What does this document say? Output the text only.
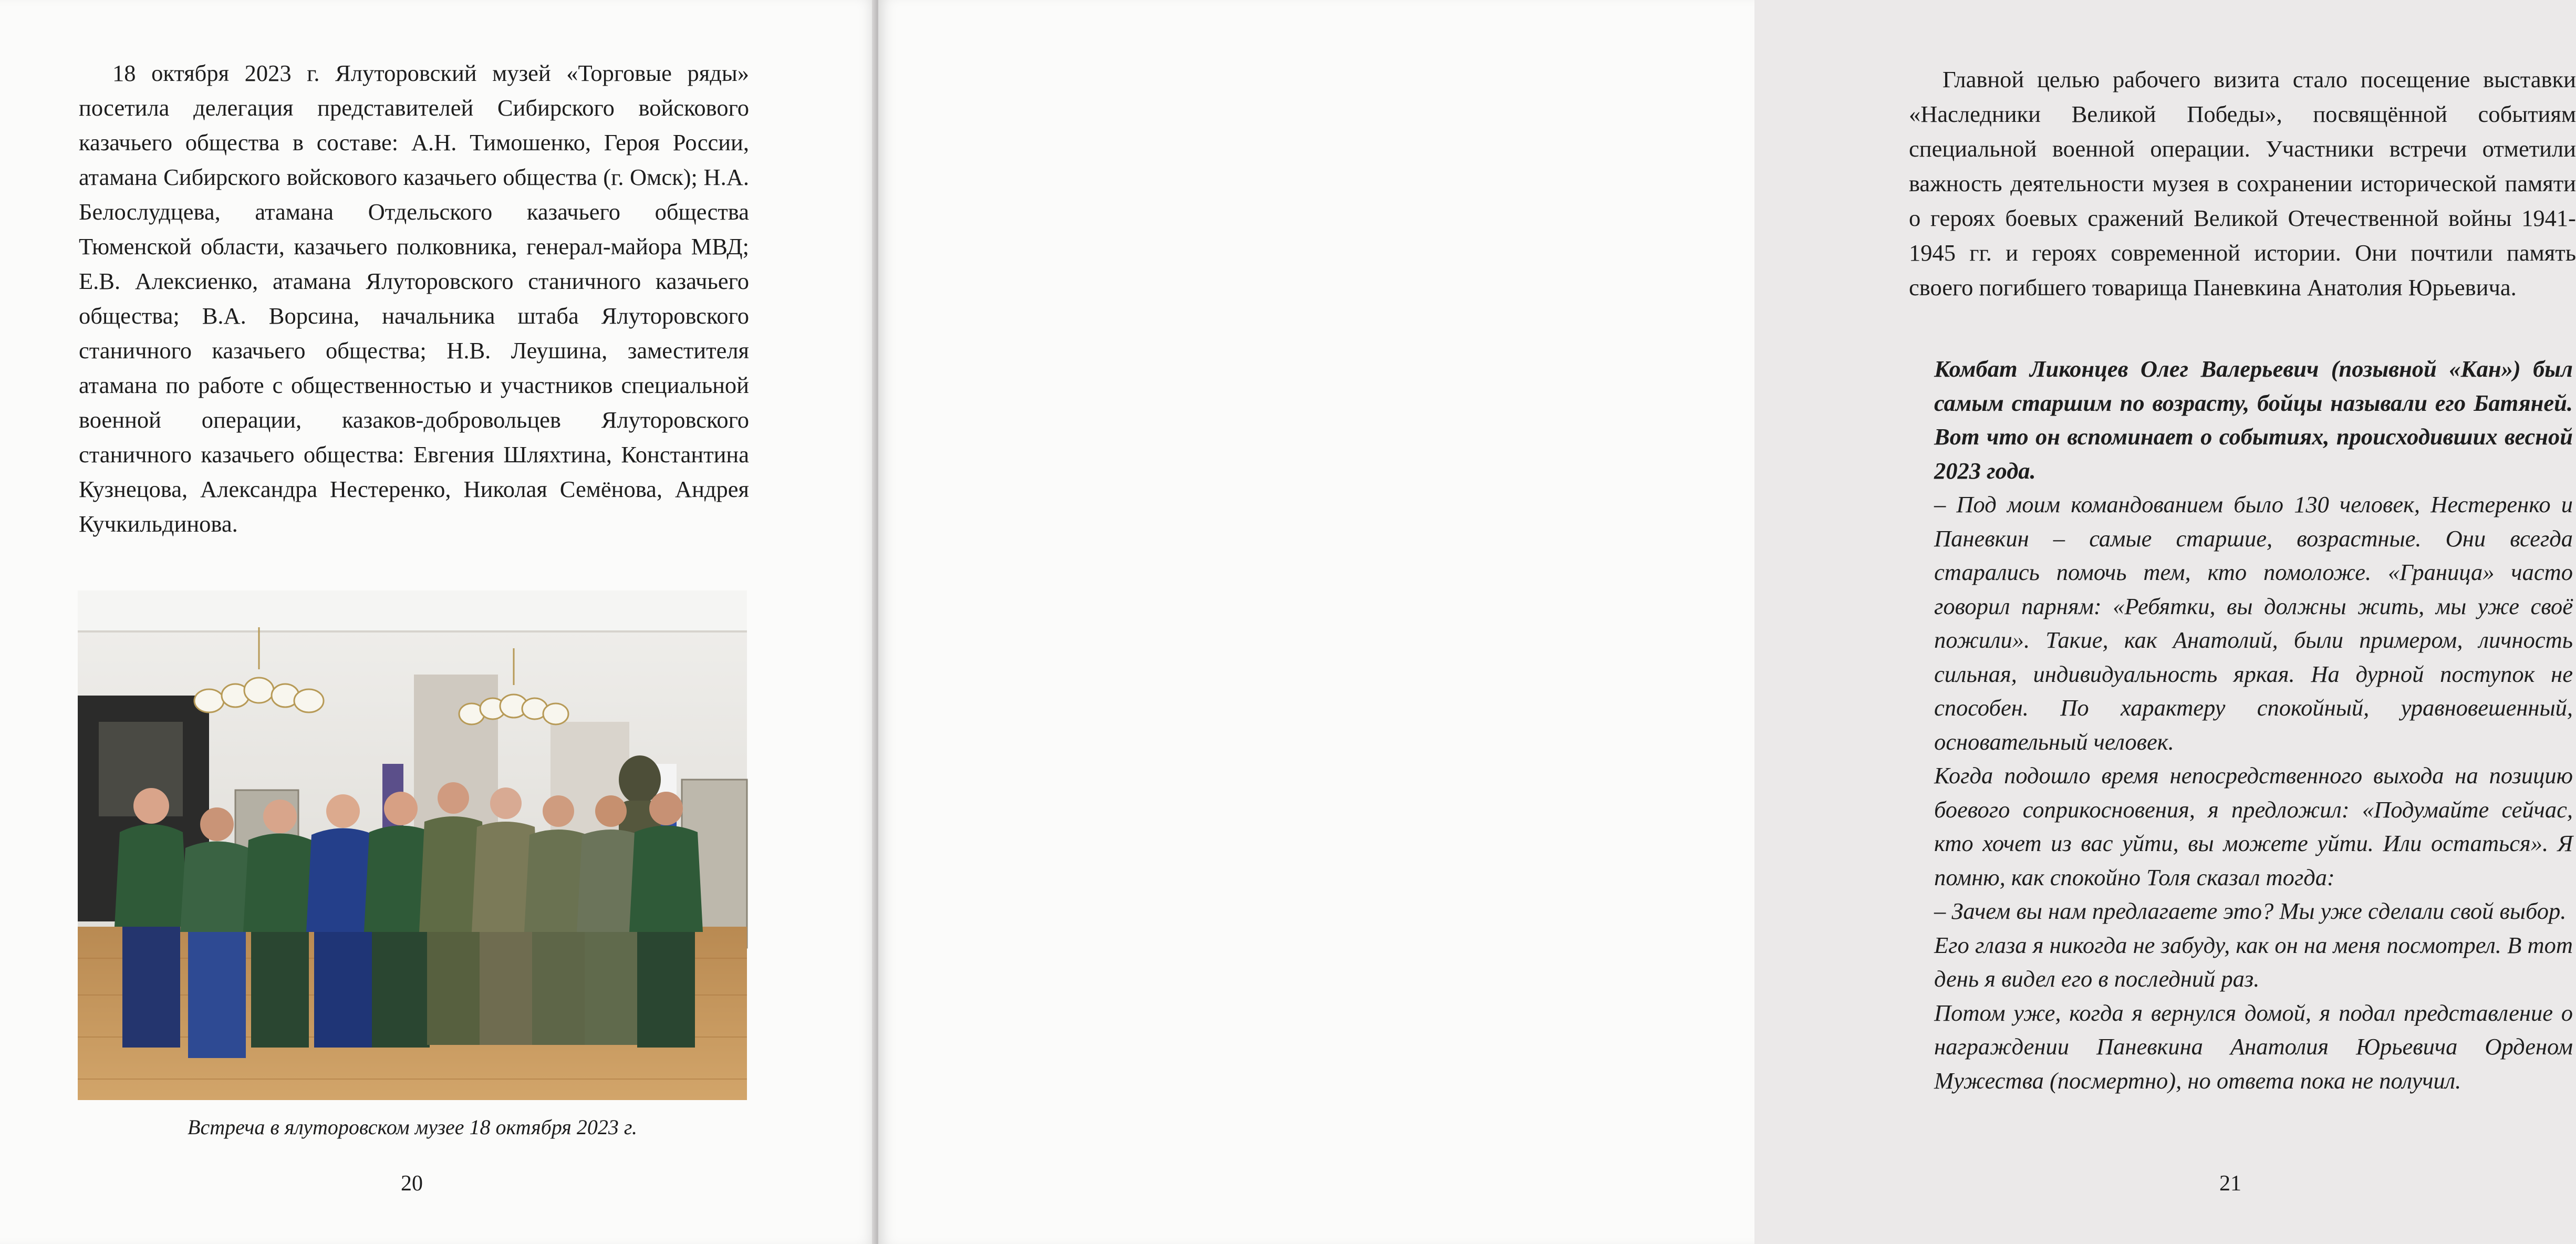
18 октября 2023 г. Ялуторовский музей «Торговые ряды» посетила делегация представителей Сибирского войскового казачьего общества в составе: А.Н. Тимошенко, Героя России, атамана Сибирского войскового казачьего общества (г. Омск); Н.А. Белослудцева, атамана Отдельского казачьего общества Тюменской области, казачьего полковника, генерал-майора МВД; Е.В. Алексиенко, атамана Ялуторовского станичного казачьего общества; В.А. Ворсина, начальника штаба Ялуторовского станичного казачьего общества; Н.В. Леушина, заместителя атамана по работе с общественностью и участников специальной военной операции, казаков-добровольцев Ялуторовского станичного казачьего общества: Евгения Шляхтина, Константина Кузнецова, Александра Нестеренко, Николая Семёнова, Андрея Кучкильдинова.

Встреча в ялуторовском музее 18 октября 2023 г.
20

Главной целью рабочего визита стало посещение выставки «Наследники Великой Победы», посвящённой событиям специальной военной операции. Участники встречи отметили важность деятельности музея в сохранении исторической памяти о героях боевых сражений Великой Отечественной войны 1941-1945 гг. и героях современной истории. Они почтили память своего погибшего товарища Паневкина Анатолия Юрьевича.

Комбат Ликонцев Олег Валерьевич (позывной «Кан») был самым старшим по возрасту, бойцы называли его Батяней. Вот что он вспоминает о событиях, происходивших весной 2023 года.

– Под моим командованием было 130 человек, Нестеренко и Паневкин – самые старшие, возрастные. Они всегда старались помочь тем, кто помоложе. «Граница» часто говорил парням: «Ребятки, вы должны жить, мы уже своё пожили». Такие, как Анатолий, были примером, личность сильная, индивидуальность яркая. На дурной поступок не способен. По характеру спокойный, уравновешенный, основательный человек.

Когда подошло время непосредственного выхода на позицию боевого соприкосновения, я предложил: «Подумайте сейчас, кто хочет из вас уйти, вы можете уйти. Или остаться». Я помню, как спокойно Толя сказал тогда:

– Зачем вы нам предлагаете это? Мы уже сделали свой выбор.

Его глаза я никогда не забуду, как он на меня посмотрел. В тот день я видел его в последний раз.

Потом уже, когда я вернулся домой, я подал представление о награждении Паневкина Анатолия Юрьевича Орденом Мужества (посмертно), но ответа пока не получил.

21
